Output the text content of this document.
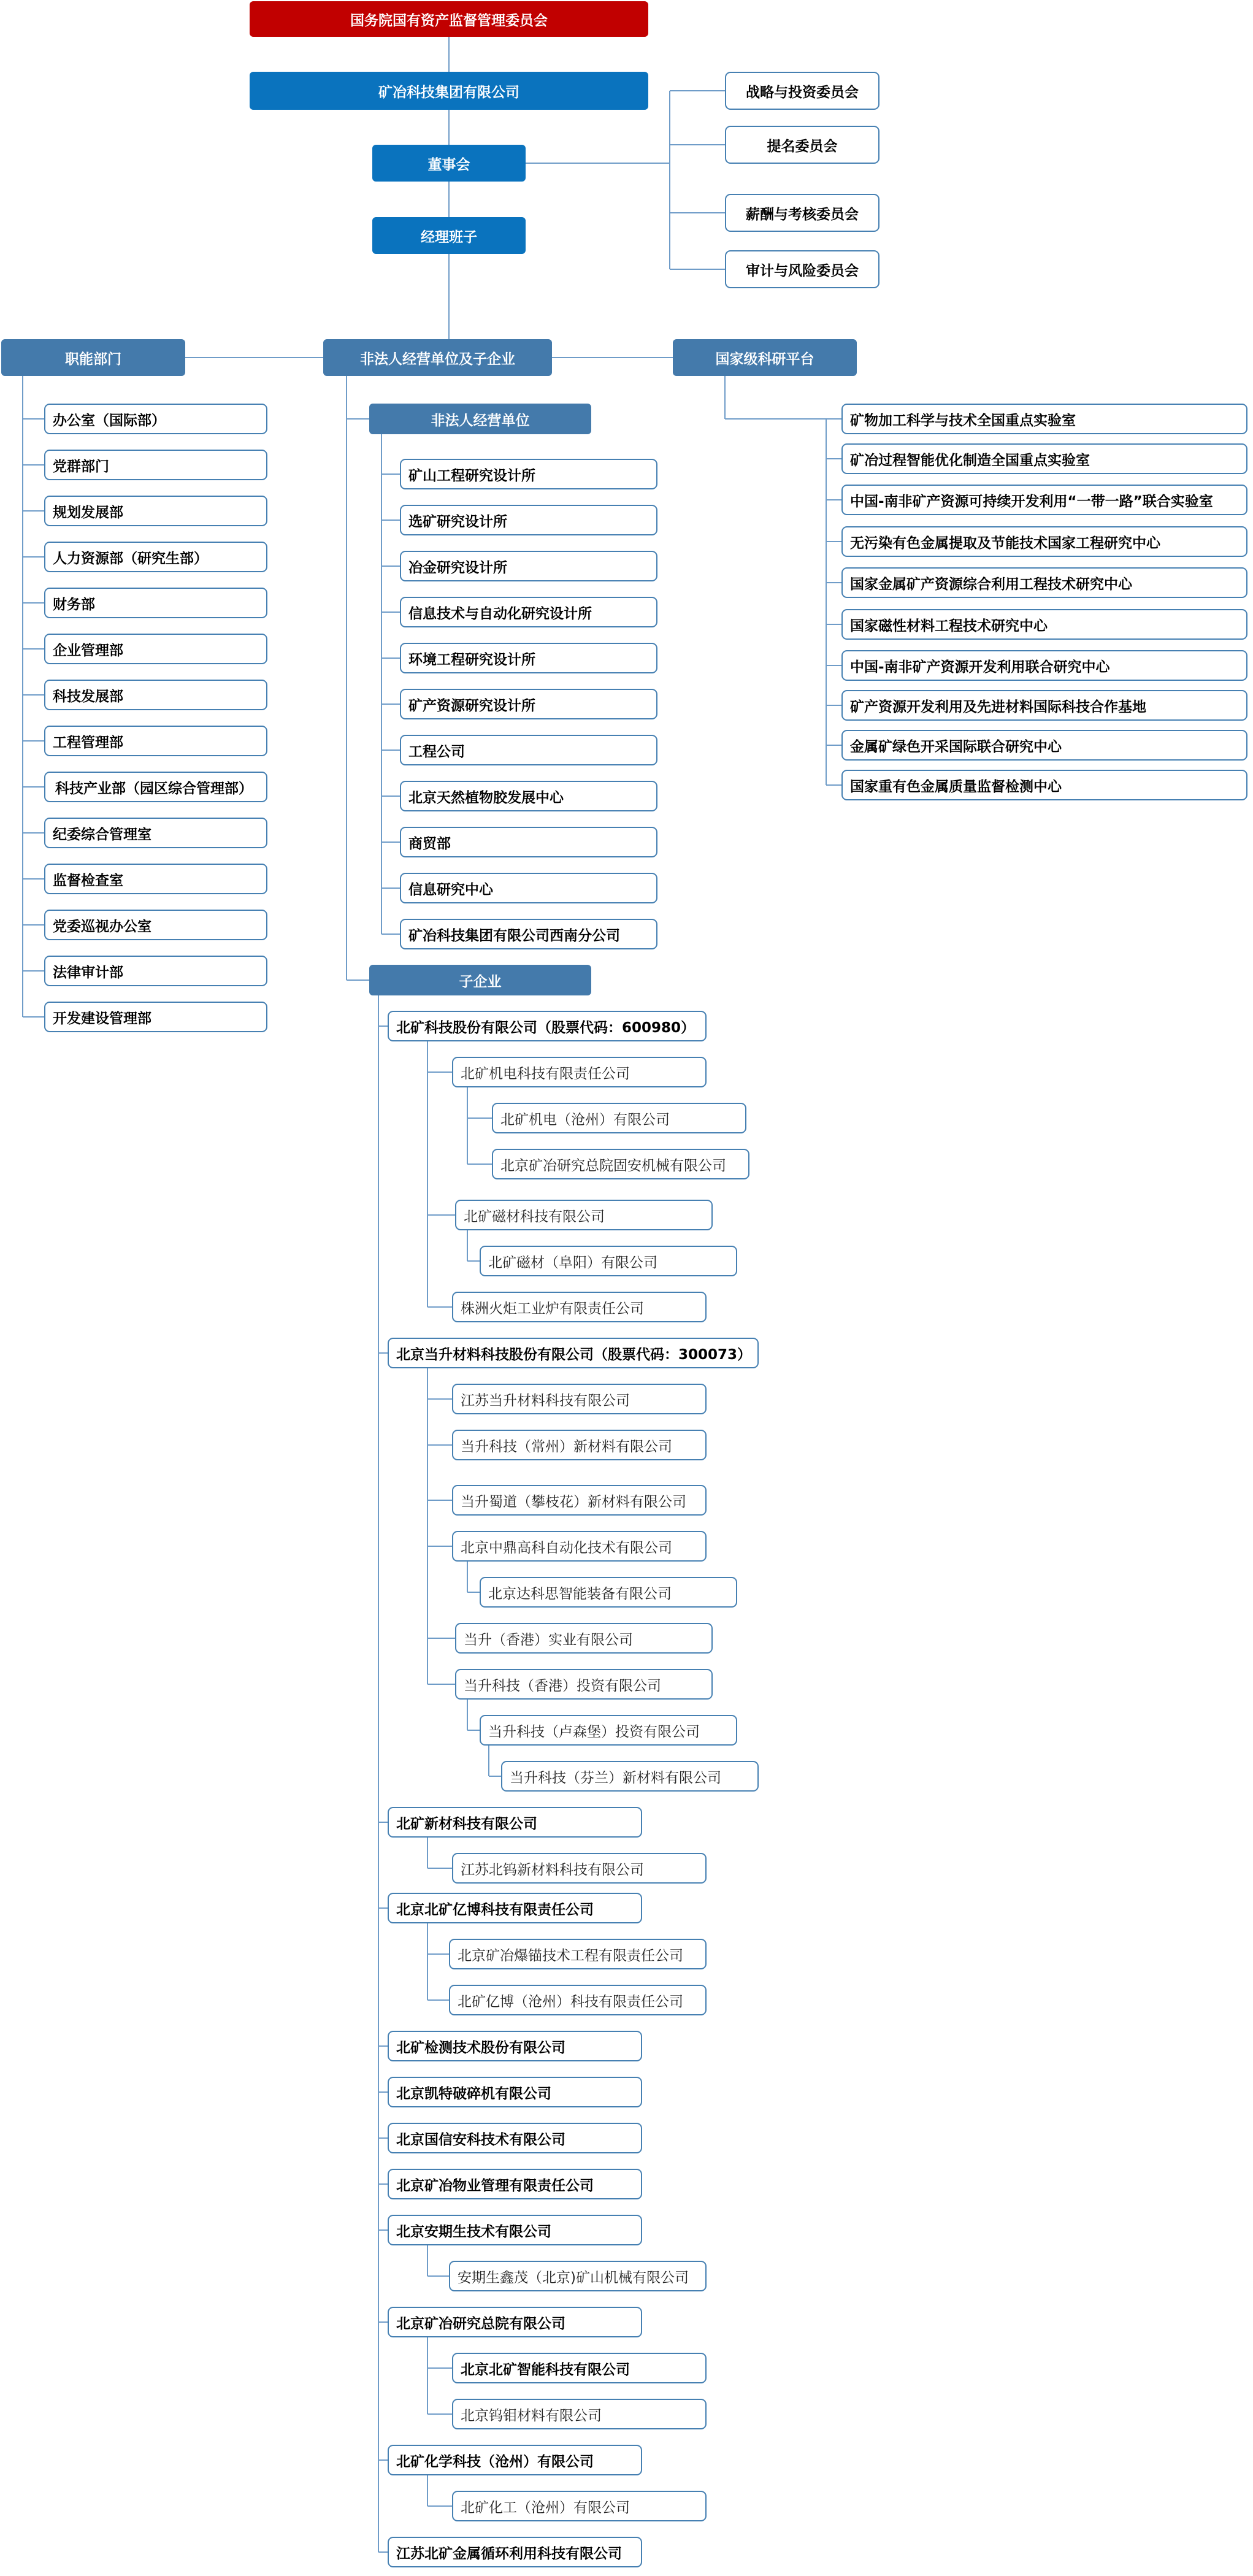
国务院国有资产监督管理委员会
矿冶科技集团有限公司
董事会
经理班子
战略与投资委员会
提名委员会
薪酬与考核委员会
审计与风险委员会
职能部门	非法人经营单位及子企业	国家级科研平台
办公室（国际部）
党群部门
规划发展部
人力资源部（研究生部）
财务部
企业管理部
科技发展部
工程管理部
科技产业部（园区综合管理部）
纪委综合管理室
监督检查室
党委巡视办公室
法律审计部
开发建设管理部
非法人经营单位
矿山工程研究设计所
选矿研究设计所
冶金研究设计所
信息技术与自动化研究设计所
环境工程研究设计所
矿产资源研究设计所
工程公司
北京天然植物胶发展中心
商贸部
信息研究中心
矿冶科技集团有限公司西南分公司
矿物加工科学与技术全国重点实验室
矿冶过程智能优化制造全国重点实验室
中国-南非矿产资源可持续开发利用“一带一路”联合实验室
无污染有色金属提取及节能技术国家工程研究中心
国家金属矿产资源综合利用工程技术研究中心
国家磁性材料工程技术研究中心
中国-南非矿产资源开发利用联合研究中心
矿产资源开发利用及先进材料国际科技合作基地
金属矿绿色开采国际联合研究中心
国家重有色金属质量监督检测中心
子企业
北矿科技股份有限公司（股票代码：600980）
北矿机电科技有限责任公司
北矿机电（沧州）有限公司
北京矿冶研究总院固安机械有限公司
北矿磁材科技有限公司
北矿磁材（阜阳）有限公司
株洲火炬工业炉有限责任公司
北京当升材料科技股份有限公司（股票代码：300073）
江苏当升材料科技有限公司
当升科技（常州）新材料有限公司
当升蜀道（攀枝花）新材料有限公司
北京中鼎高科自动化技术有限公司
北京达科思智能装备有限公司
当升（香港）实业有限公司
当升科技（香港）投资有限公司
当升科技（卢森堡）投资有限公司
当升科技（芬兰）新材料有限公司
北矿新材科技有限公司
江苏北钨新材料科技有限公司
北京北矿亿博科技有限责任公司
北京矿冶爆锚技术工程有限责任公司
北矿亿博（沧州）科技有限责任公司
北矿检测技术股份有限公司
北京凯特破碎机有限公司
北京国信安科技术有限公司
北京矿冶物业管理有限责任公司
北京安期生技术有限公司
安期生鑫茂（北京)矿山机械有限公司
北京矿冶研究总院有限公司
北京北矿智能科技有限公司
北京钨钼材料有限公司
北矿化学科技（沧州）有限公司
北矿化工（沧州）有限公司
江苏北矿金属循环利用科技有限公司
